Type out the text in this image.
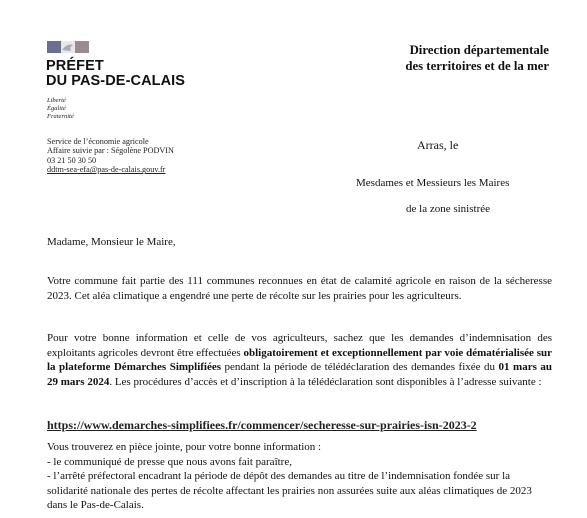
PRÉFET
DU PAS-DE-CALAIS
Liberté
Égalité
Fraternité
Service de l’économie agricole
Affaire suivie par : Ségolène PODVIN
03 21 50 30 50
ddtm-sea-efa@pas-de-calais.gouv.fr
Direction départementale
des territoires et de la mer
Arras, le
Mesdames et Messieurs les Maires
de la zone sinistrée
Madame, Monsieur le Maire,
Votre commune fait partie des 111 communes reconnues en état de calamité agricole en raison de la sécheresse 2023. Cet aléa climatique a engendré une perte de récolte sur les prairies pour les agriculteurs.
Pour votre bonne information et celle de vos agriculteurs, sachez que les demandes d’indemnisation des exploitants agricoles devront être effectuées obligatoirement et exceptionnellement par voie dématérialisée sur la plateforme Démarches Simplifiées pendant la période de télédéclaration des demandes fixée du 01 mars au 29 mars 2024. Les procédures d’accès et d’inscription à la télédéclaration sont disponibles à l’adresse suivante :
https://www.demarches-simplifiees.fr/commencer/secheresse-sur-prairies-isn-2023-2
Vous trouverez en pièce jointe, pour votre bonne information :
- le communiqué de presse que nous avons fait paraître,
- l’arrêté préfectoral encadrant la période de dépôt des demandes au titre de l’indemnisation fondée sur la solidarité nationale des pertes de récolte affectant les prairies non assurées suite aux aléas climatiques de 2023 dans le Pas-de-Calais.
